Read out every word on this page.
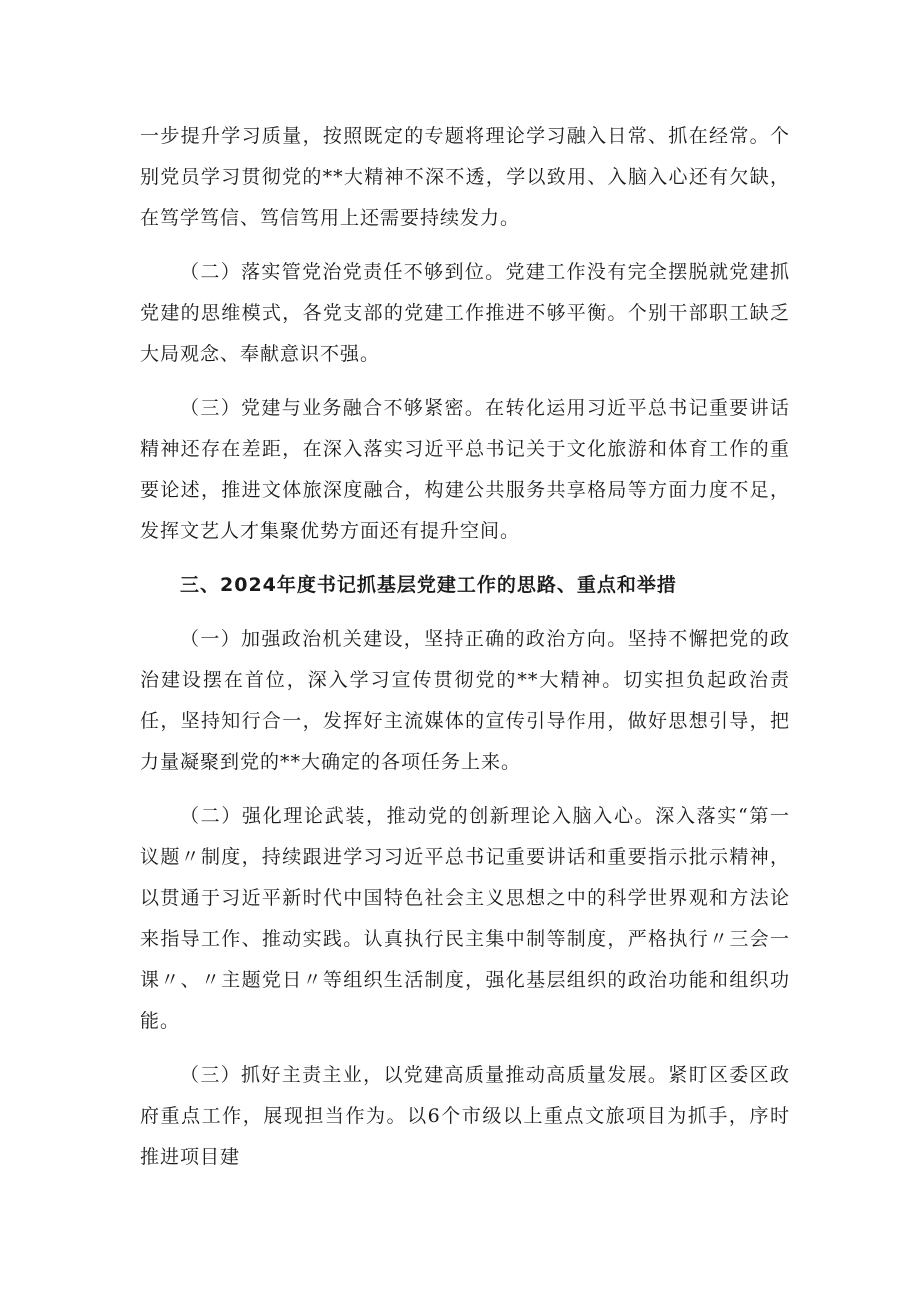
一步提升学习质量，按照既定的专题将理论学习融入日常、抓在经常。个别党员学习贯彻党的**大精神不深不透，学以致用、入脑入心还有欠缺，在笃学笃信、笃信笃用上还需要持续发力。

（二）落实管党治党责任不够到位。党建工作没有完全摆脱就党建抓党建的思维模式，各党支部的党建工作推进不够平衡。个别干部职工缺乏大局观念、奉献意识不强。

（三）党建与业务融合不够紧密。在转化运用习近平总书记重要讲话精神还存在差距，在深入落实习近平总书记关于文化旅游和体育工作的重要论述，推进文体旅深度融合，构建公共服务共享格局等方面力度不足，发挥文艺人才集聚优势方面还有提升空间。

三、2024年度书记抓基层党建工作的思路、重点和举措

（一）加强政治机关建设，坚持正确的政治方向。坚持不懈把党的政治建设摆在首位，深入学习宣传贯彻党的**大精神。切实担负起政治责任，坚持知行合一，发挥好主流媒体的宣传引导作用，做好思想引导，把力量凝聚到党的**大确定的各项任务上来。

（二）强化理论武装，推动党的创新理论入脑入心。深入落实“第一议题〃制度，持续跟进学习习近平总书记重要讲话和重要指示批示精神，以贯通于习近平新时代中国特色社会主义思想之中的科学世界观和方法论来指导工作、推动实践。认真执行民主集中制等制度，严格执行〃三会一课〃、〃主题党日〃等组织生活制度，强化基层组织的政治功能和组织功能。

（三）抓好主责主业，以党建高质量推动高质量发展。紧盯区委区政府重点工作，展现担当作为。以6个市级以上重点文旅项目为抓手，序时推进项目建
